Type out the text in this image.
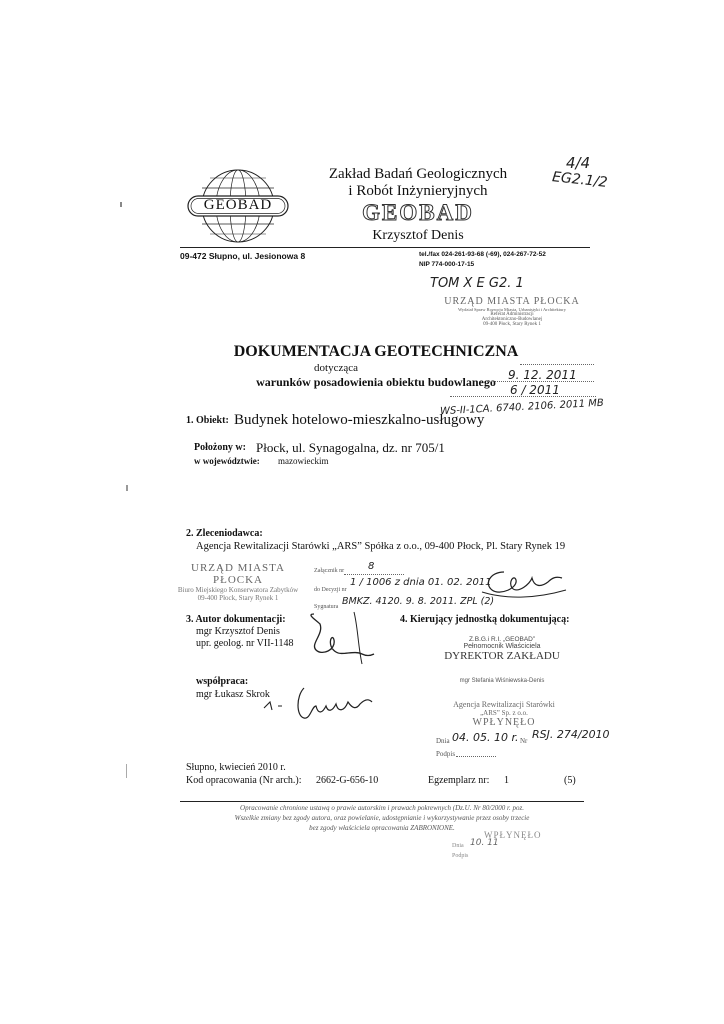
4/4
EG2.1/2
GEOBAD
Zakład Badań Geologicznych
i Robót Inżynieryjnych
GEOBAD
Krzysztof Denis
09-472 Słupno, ul. Jesionowa 8	tel./fax 024-261-93-68 (-69), 024-267-72-52
NIP 774-000-17-15
TOM X E G2. 1
URZĄD MIASTA PŁOCKA
Wydział Spraw Rozwoju Miasta, Urbanistyki i Architektury
Referat Administracji
Architektoniczno-Budowlanej
09-400 Płock, Stary Rynek 1
DOKUMENTACJA GEOTECHNICZNA
dotycząca
warunków posadowienia obiektu budowlanego	9. 12. 2011
6 / 2011
WS-II-1CA. 6740. 2106. 2011 MB
1. Obiekt: Budynek hotelowo-mieszkalno-usługowy
Położony w: Płock, ul. Synagogalna, dz. nr 705/1
w województwie: mazowieckim
2. Zleceniodawca:
Agencja Rewitalizacji Starówki „ARS” Spółka z o.o., 09-400 Płock, Pl. Stary Rynek 19
URZĄD MIASTA PŁOCKA
Biuro Miejskiego Konserwatora Zabytków
09-400 Płock, Stary Rynek 1
Załącznik nr 8
do Decyzji nr
1 / 1006 z dnia 01. 02. 2011
Sygnatura BMKZ. 4120. 9. 8. 2011. ZPL (2)
3. Autor dokumentacji:
mgr Krzysztof Denis
upr. geolog. nr VII-1148
współpraca:
mgr Łukasz Skrok
4. Kierujący jednostką dokumentującą:
Z.B.G.i R.I. „GEOBAD”
Pełnomocnik Właściciela
DYREKTOR ZAKŁADU
mgr Stefania Wiśniewska-Denis
Agencja Rewitalizacji Starówki
„ARS” Sp. z o.o.
WPŁYNĘŁO
Dnia 04. 05. 10 r. Nr RSJ. 274/2010
Podpis
Słupno, kwiecień 2010 r.
Kod opracowania (Nr arch.): 2662-G-656-10	Egzemplarz nr: 1	(5)
Opracowanie chronione ustawą o prawie autorskim i prawach pokrewnych (Dz.U. Nr 80/2000 r. poz.
Wszelkie zmiany bez zgody autora, oraz powielanie, udostępnianie i wykorzystywanie przez osoby trzecie
bez zgody właściciela opracowania ZABRONIONE.
WPŁYNĘŁO
Dnia 10. 11
Podpis
